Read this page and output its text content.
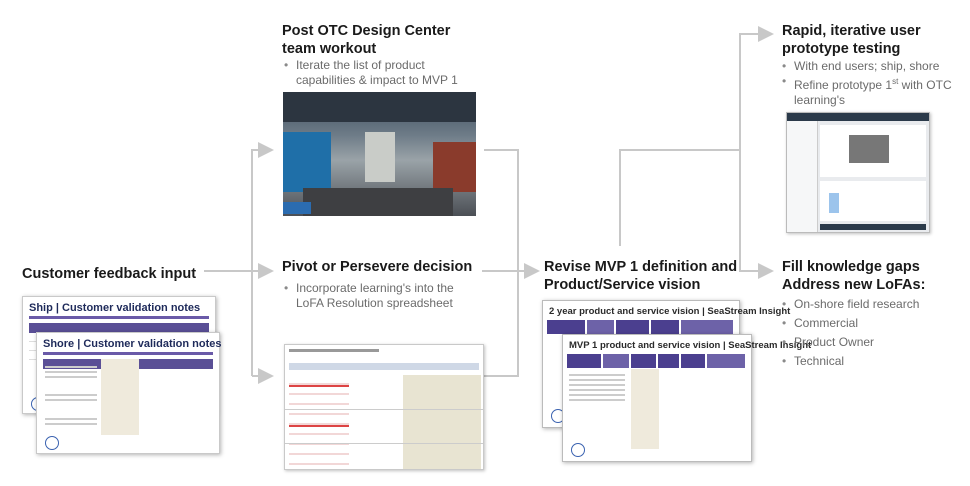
Customer feedback input
Ship | Customer validation notes
Shore | Customer validation notes
Post OTC Design Center
team workout
• Iterate the list of product capabilities & impact to MVP 1
Pivot or Persevere decision
• Incorporate learning's into the LoFA Resolution spreadsheet
Revise MVP 1 definition and
Product/Service vision
2 year product and service vision | SeaStream Insight
MVP 1 product and service vision | SeaStream Insight
Rapid, iterative user
prototype testing
• With end users; ship, shore
• Refine prototype 1st with OTC learning's
Fill knowledge gaps
Address new LoFAs:
• On-shore field research
• Commercial
• Product Owner
• Technical
